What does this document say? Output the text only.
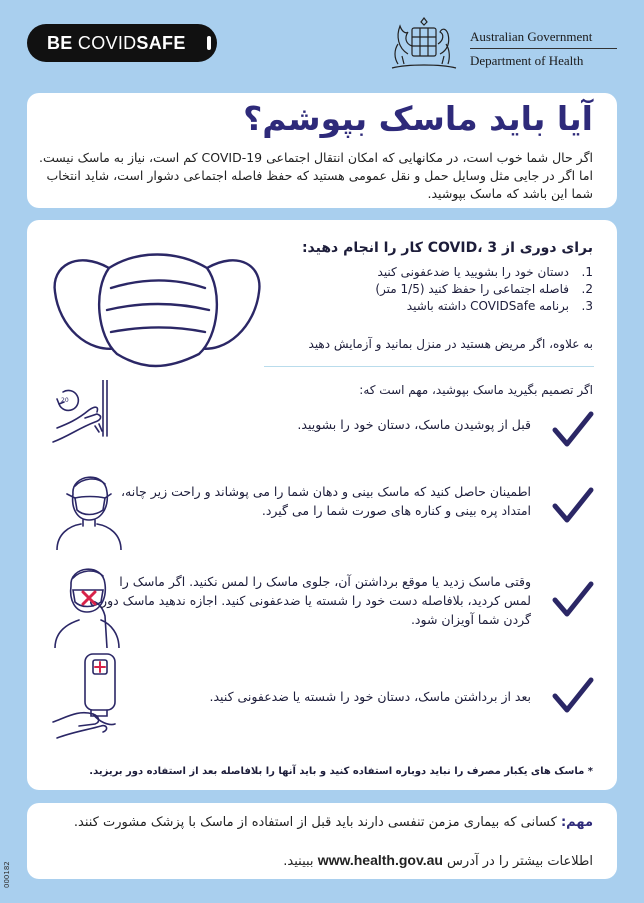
BE COVIDSAFE	Australian Government
Department of Health
آیا باید ماسک بپوشم؟
اگر حال شما خوب است، در مکانهایی که امکان انتقال اجتماعی COVID-19 کم است، نیاز به ماسک نیست. اما اگر در جایی مثل وسایل حمل و نقل عمومی هستید که حفظ فاصله اجتماعی دشوار است، شاید انتخاب شما این باشد که ماسک بپوشید.
برای دوری از COVID، 3 کار را انجام دهید:
1.
دستان خود را بشویید یا ضدعفونی کنید
2.
فاصله اجتماعی را حفظ کنید (1/5 متر)
3.
برنامه COVIDSafe داشته باشید
به علاوه، اگر مریض هستید در منزل بمانید و آزمایش دهید
اگر تصمیم بگیرید ماسک بپوشید، مهم است که:
20
قبل از پوشیدن ماسک، دستان خود را بشویید.
اطمینان حاصل کنید که ماسک بینی و دهان شما را می پوشاند و راحت زیر چانه، امتداد پره بینی و کناره های صورت شما را می گیرد.
وقتی ماسک زدید یا موقع برداشتن آن، جلوی ماسک را لمس نکنید. اگر ماسک را لمس کردید، بلافاصله دست خود را شسته یا ضدعفونی کنید. اجازه ندهید ماسک دور گردن شما آویزان شود.
بعد از برداشتن ماسک، دستان خود را شسته یا ضدعفونی کنید.
* ماسک های یکبار مصرف را نباید دوباره استفاده کنید و باید آنها را بلافاصله بعد از استفاده دور بریزید.
مهم: کسانی که بیماری مزمن تنفسی دارند باید قبل از استفاده از ماسک با پزشک مشورت کنند.
اطلاعات بیشتر را در آدرس www.health.gov.au ببینید.
000182
